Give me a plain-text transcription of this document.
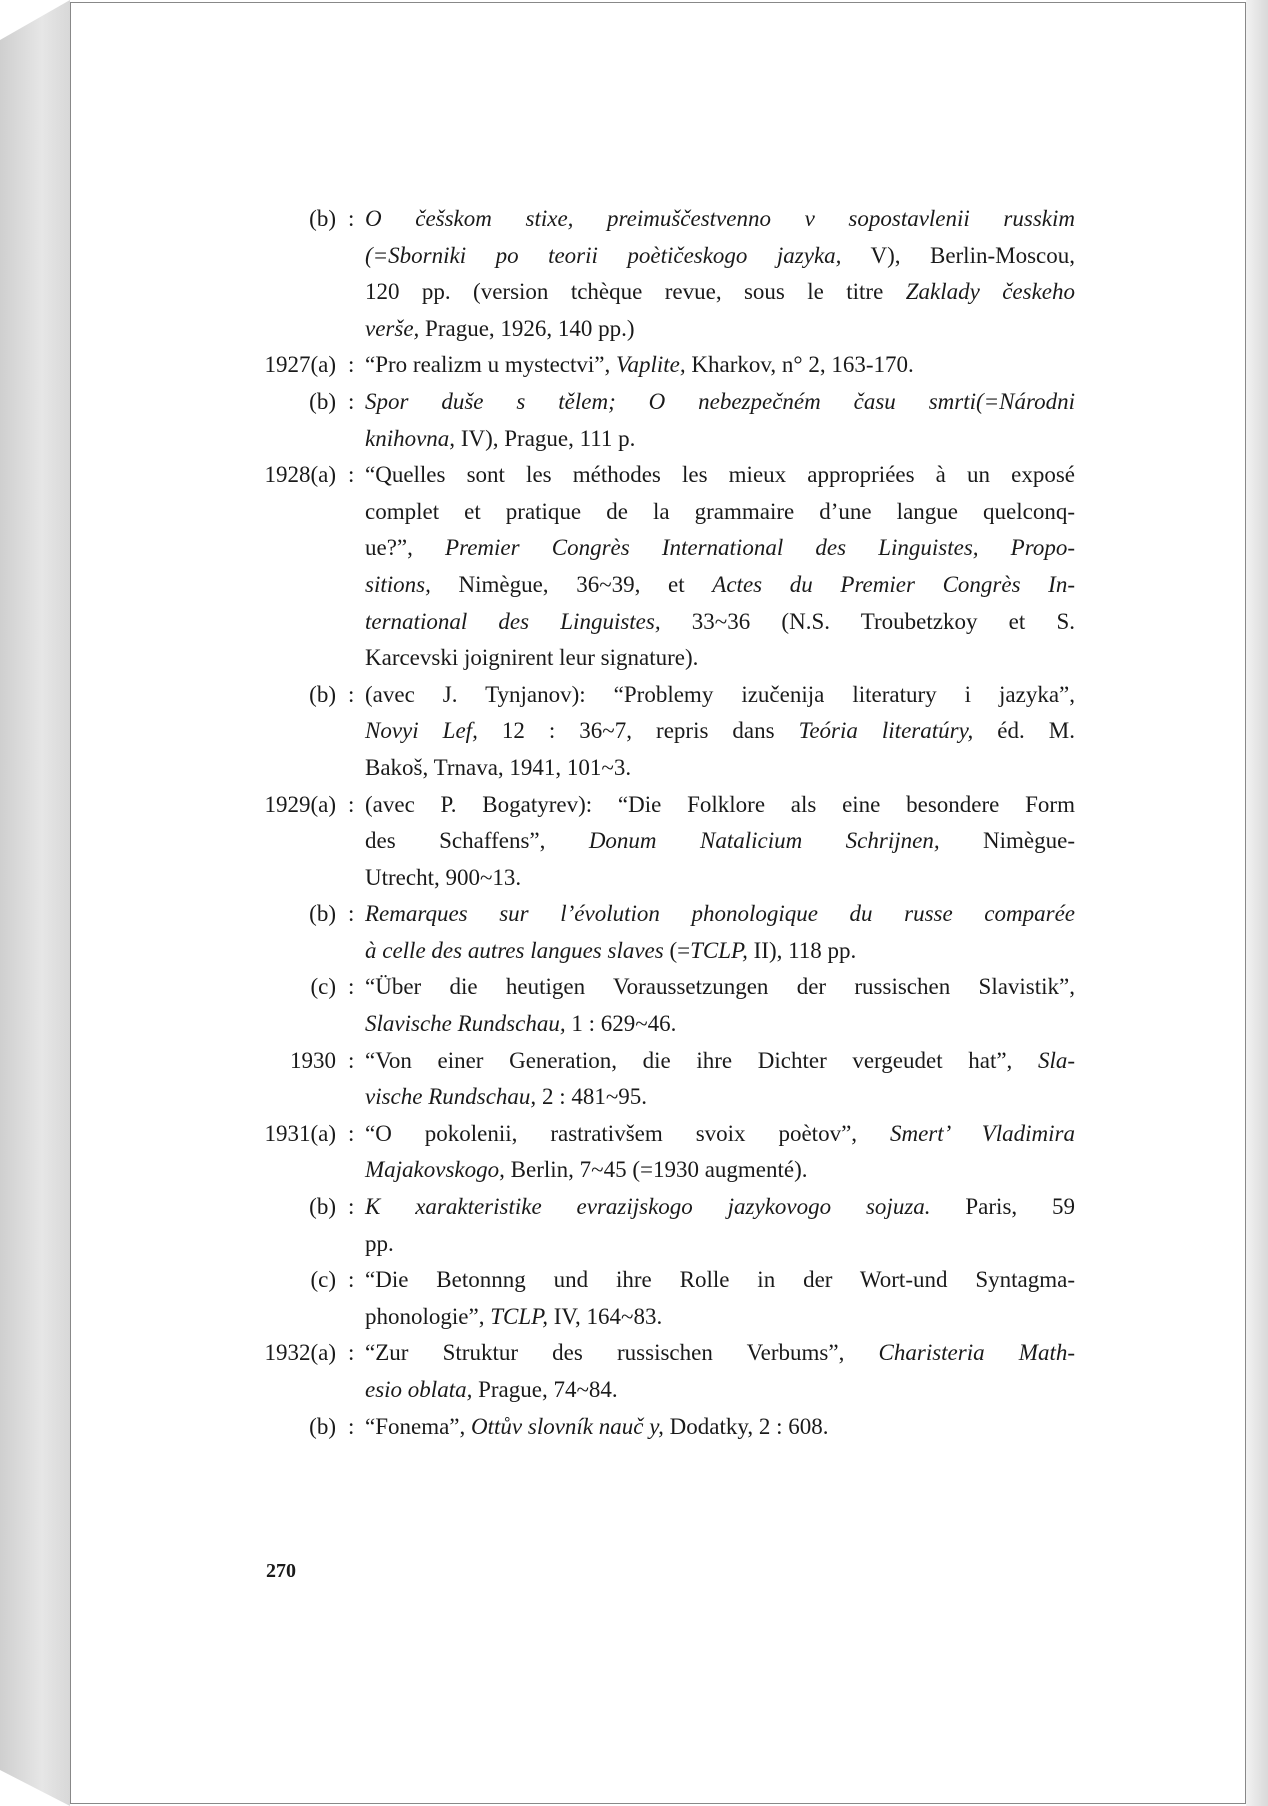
(b) : O češskom stixe, preimuščestvenno v sopostavlenii russkim
(=Sborniki po teorii poètičeskogo jazyka, V), Berlin-Moscou,
120 pp. (version tchèque revue, sous le titre Zaklady českeho
verše, Prague, 1926, 140 pp.)
1927(a) : “Pro realizm u mystectvi”, Vaplite, Kharkov, n° 2, 163-170.
(b) : Spor duše s tělem; O nebezpečném času smrti(=Národni
knihovna, IV), Prague, 111 p.
1928(a) : “Quelles sont les méthodes les mieux appropriées à un exposé
complet et pratique de la grammaire d’une langue quelconq-
ue?”, Premier Congrès International des Linguistes, Propo-
sitions, Nimègue, 36~39, et Actes du Premier Congrès In-
ternational des Linguistes, 33~36 (N.S. Troubetzkoy et S.
Karcevski joignirent leur signature).
(b) : (avec J. Tynjanov): “Problemy izučenija literatury i jazyka”,
Novyi Lef, 12 : 36~7, repris dans Teória literatúry, éd. M.
Bakoš, Trnava, 1941, 101~3.
1929(a) : (avec P. Bogatyrev): “Die Folklore als eine besondere Form
des Schaffens”, Donum Natalicium Schrijnen, Nimègue-
Utrecht, 900~13.
(b) : Remarques sur l’évolution phonologique du russe comparée
à celle des autres langues slaves (=TCLP, II), 118 pp.
(c) : “Über die heutigen Voraussetzungen der russischen Slavistik”,
Slavische Rundschau, 1 : 629~46.
1930 : “Von einer Generation, die ihre Dichter vergeudet hat”, Sla-
vische Rundschau, 2 : 481~95.
1931(a) : “O pokolenii, rastrativšem svoix poètov”, Smert’ Vladimira
Majakovskogo, Berlin, 7~45 (=1930 augmenté).
(b) : K xarakteristike evrazijskogo jazykovogo sojuza. Paris, 59
pp.
(c) : “Die Betonnng und ihre Rolle in der Wort-und Syntagma-
phonologie”, TCLP, IV, 164~83.
1932(a) : “Zur Struktur des russischen Verbums”, Charisteria Math-
esio oblata, Prague, 74~84.
(b) : “Fonema”, Ottův slovník nauč y, Dodatky, 2 : 608.
270
